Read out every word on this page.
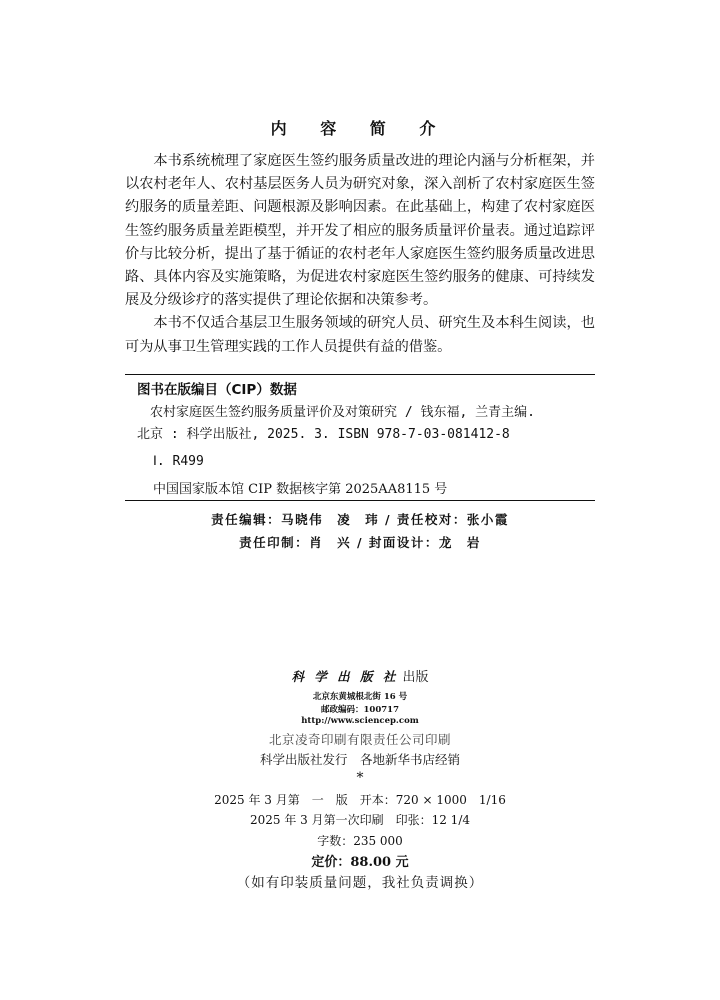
内 容 简 介

本书系统梳理了家庭医生签约服务质量改进的理论内涵与分析框架，并以农村老年人、农村基层医务人员为研究对象，深入剖析了农村家庭医生签约服务的质量差距、问题根源及影响因素。在此基础上，构建了农村家庭医生签约服务质量差距模型，并开发了相应的服务质量评价量表。通过追踪评价与比较分析，提出了基于循证的农村老年人家庭医生签约服务质量改进思路、具体内容及实施策略，为促进农村家庭医生签约服务的健康、可持续发展及分级诊疗的落实提供了理论依据和决策参考。

本书不仅适合基层卫生服务领域的研究人员、研究生及本科生阅读，也可为从事卫生管理实践的工作人员提供有益的借鉴。

图书在版编目（CIP）数据
农村家庭医生签约服务质量评价及对策研究 / 钱东福, 兰青主编.
北京 : 科学出版社, 2025. 3. ISBN 978-7-03-081412-8
Ⅰ. R499
中国国家版本馆 CIP 数据核字第 2025AA8115 号
责任编辑：马晓伟　凌　玮 / 责任校对：张小霞
责任印制：肖　兴 / 封面设计：龙　岩
科 学 出 版 社 出版
北京东黄城根北街 16 号
邮政编码：100717
http://www.sciencep.com
北京凌奇印刷有限责任公司印刷
科学出版社发行　各地新华书店经销
*
2025 年 3 月第　一　版　开本：720 × 1000　1/16
2025 年 3 月第一次印刷　印张：12 1/4
字数：235 000
定价：88.00 元
（如有印装质量问题，我社负责调换）
